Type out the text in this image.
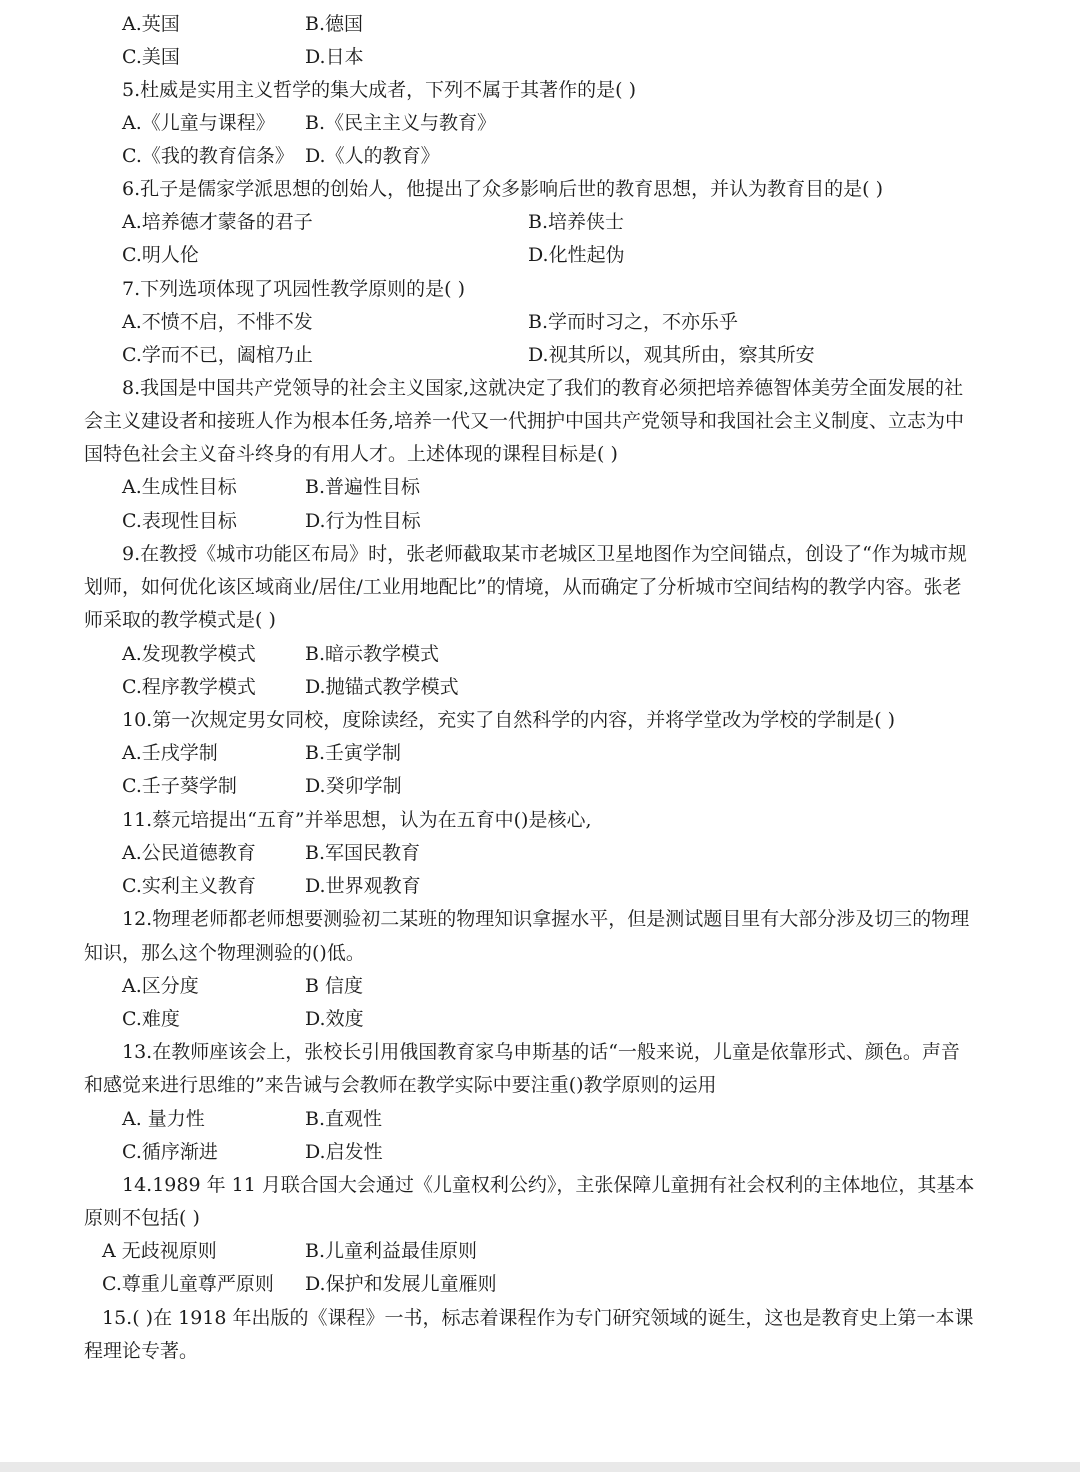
A.英国	B.德国
C.美国	D.日本
5.杜威是实用主义哲学的集大成者，下列不属于其著作的是( )
A.《儿童与课程》 B.《民主主义与教育》
C.《我的教育信条》 D.《人的教育》
6.孔子是儒家学派思想的创始人，他提出了众多影响后世的教育思想，并认为教育目的是( )
A.培养德才蒙备的君子	B.培养侠士
C.明人伦	D.化性起伪
7.下列选项体现了巩园性教学原则的是( )
A.不愤不启，不悱不发	B.学而时习之，不亦乐乎
C.学而不已，阖棺乃止	D.视其所以，观其所由，察其所安
8.我国是中国共产党领导的社会主义国家,这就决定了我们的教育必须把培养德智体美劳全面发展的社
会主义建设者和接班人作为根本任务,培养一代又一代拥护中国共产党领导和我国社会主义制度、立志为中
国特色社会主义奋斗终身的有用人才。上述体现的课程目标是( )
A.生成性目标	B.普遍性目标
C.表现性目标	D.行为性目标
9.在教授《城市功能区布局》时，张老师截取某市老城区卫星地图作为空间锚点，创设了“作为城市规
划师，如何优化该区域商业/居住/工业用地配比”的情境，从而确定了分析城市空间结构的教学内容。张老
师采取的教学模式是( )
A.发现教学模式	B.暗示教学模式
C.程序教学模式	D.抛锚式教学模式
10.第一次规定男女同校，度除读经，充实了自然科学的内容，并将学堂改为学校的学制是( )
A.壬戌学制	B.壬寅学制
C.壬子葵学制	D.癸卯学制
11.蔡元培提出“五育”并举思想，认为在五育中()是核心,
A.公民道德教育	B.军国民教育
C.实利主义教育	D.世界观教育
12.物理老师都老师想要测验初二某班的物理知识拿握水平，但是测试题目里有大部分涉及切三的物理
知识，那么这个物理测验的()低。
A.区分度	B 信度
C.难度	D.效度
13.在教师座该会上，张校长引用俄国教育家乌申斯基的话“一般来说，儿童是依靠形式、颜色。声音
和感觉来进行思维的”来告诫与会教师在教学实际中要注重()教学原则的运用
A. 量力性	B.直观性
C.循序渐进	D.启发性
14.1989 年 11 月联合国大会通过《儿童权利公约》，主张保障儿童拥有社会权利的主体地位，其基本
原则不包括( )
A 无歧视原则	B.儿童利益最佳原则
C.尊重儿童尊严原则 D.保护和发展儿童雁则
15.( )在 1918 年出版的《课程》一书，标志着课程作为专门研究领域的诞生，这也是教育史上第一本课
程理论专著。
